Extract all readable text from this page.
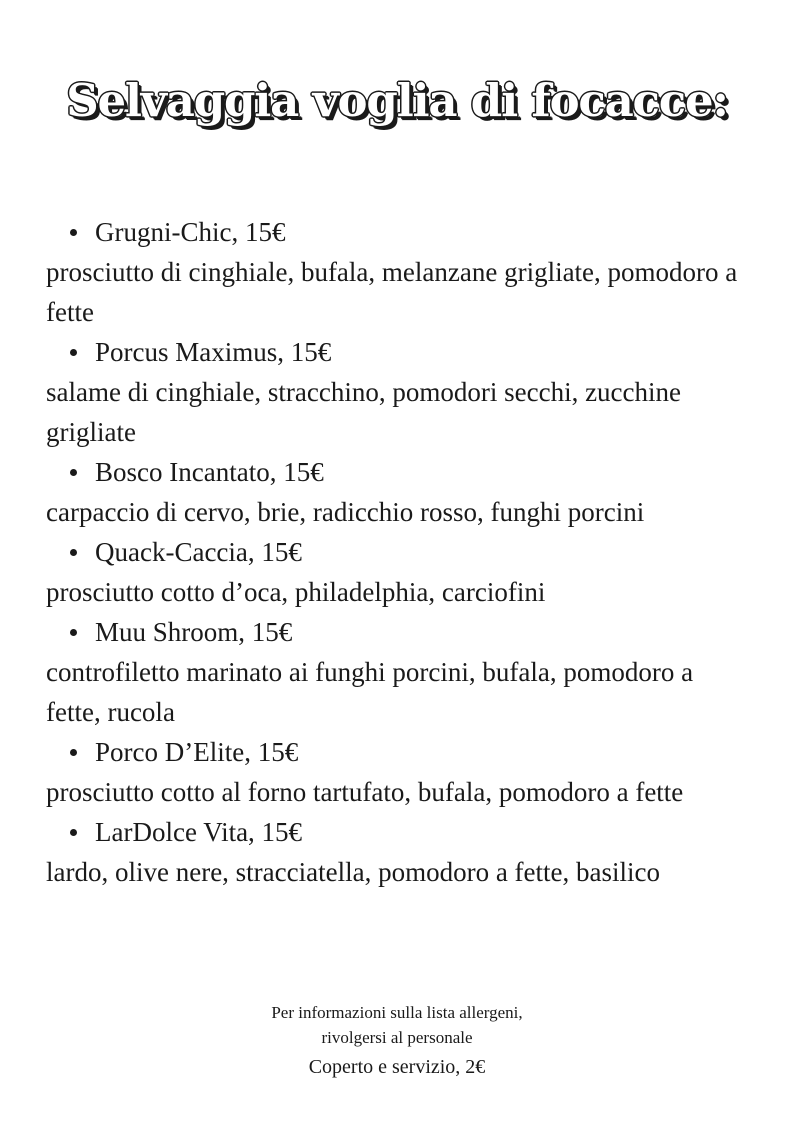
Selvaggia voglia di focacce:
Grugni-Chic, 15€
prosciutto di cinghiale, bufala, melanzane grigliate, pomodoro a fette
Porcus Maximus, 15€
salame di cinghiale, stracchino, pomodori secchi, zucchine grigliate
Bosco Incantato, 15€
carpaccio di cervo, brie, radicchio rosso, funghi porcini
Quack-Caccia, 15€
prosciutto cotto d’oca, philadelphia, carciofini
Muu Shroom, 15€
controfiletto marinato ai funghi porcini, bufala, pomodoro a fette, rucola
Porco D’Elite, 15€
prosciutto cotto al forno tartufato, bufala, pomodoro a fette
LarDolce Vita, 15€
lardo, olive nere, stracciatella, pomodoro a fette, basilico
Per informazioni sulla lista allergeni,
rivolgersi al personale
Coperto e servizio, 2€
